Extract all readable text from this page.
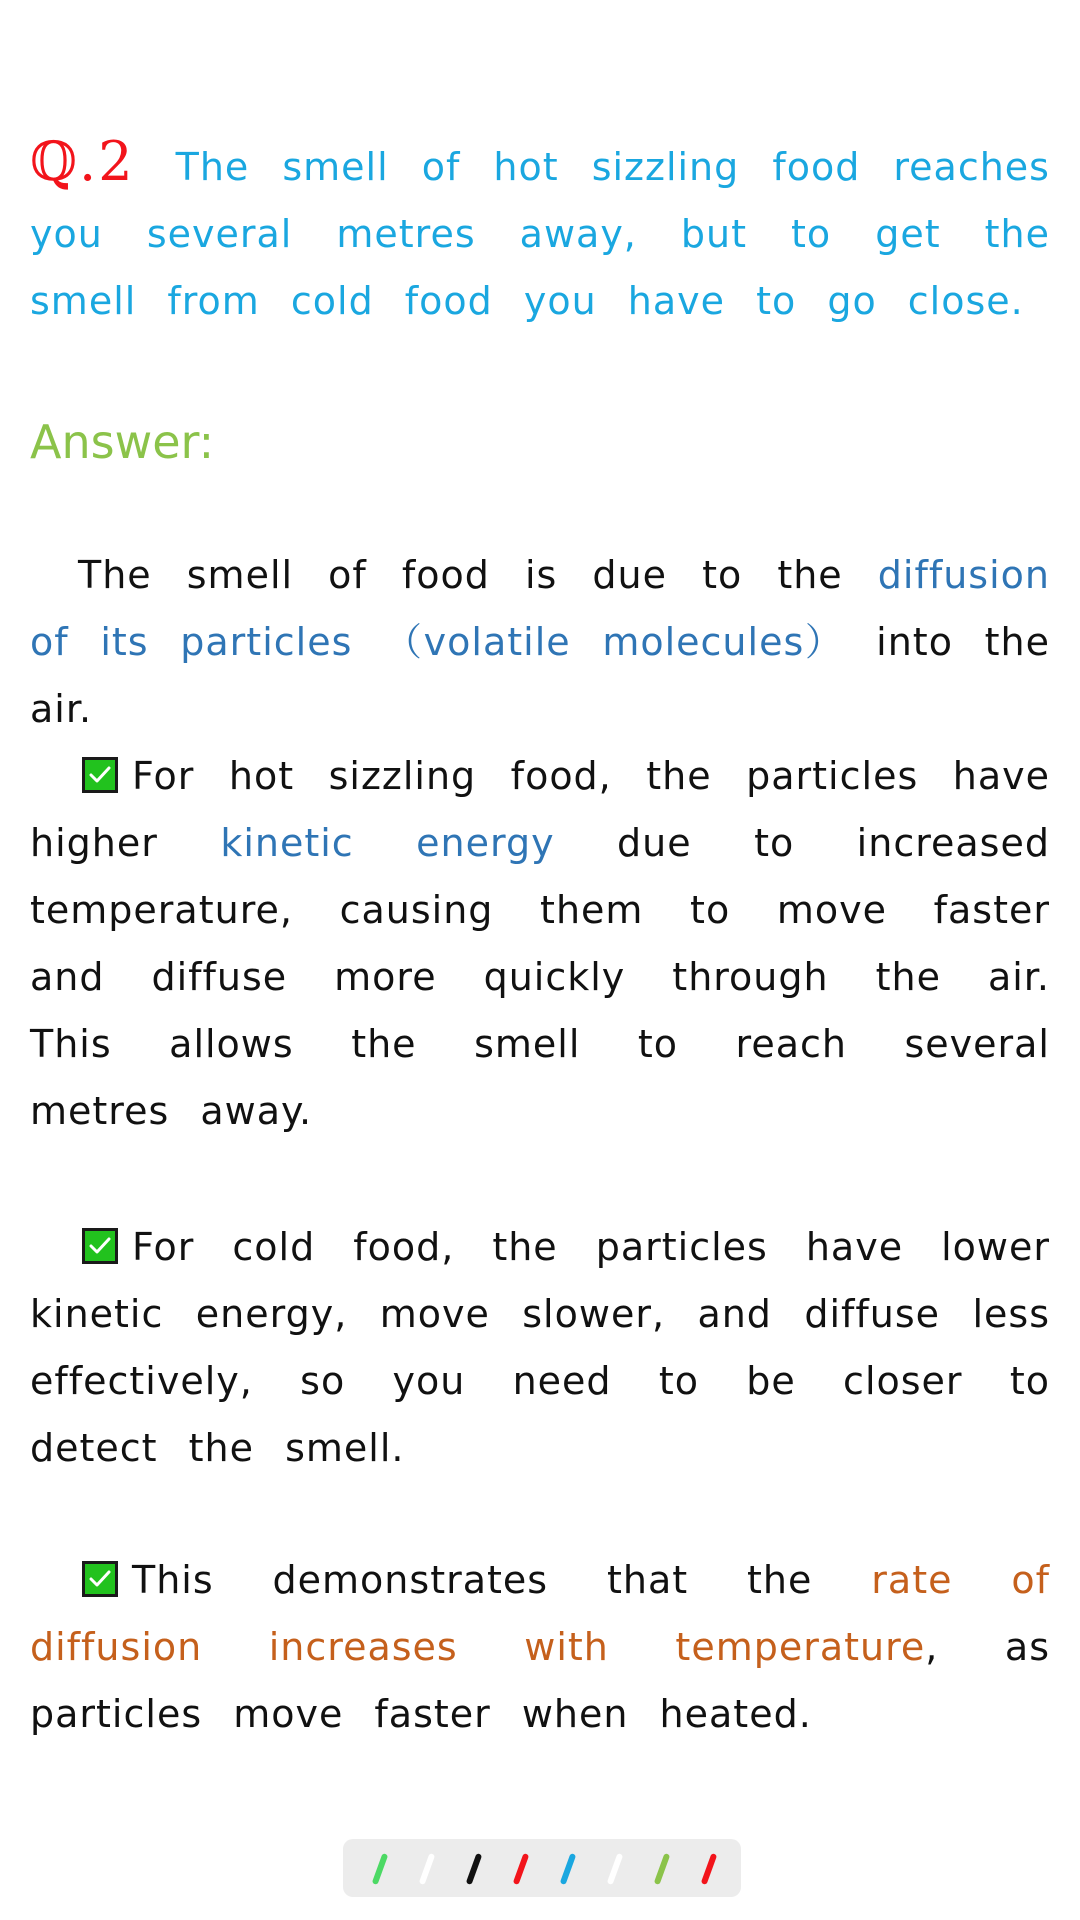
ℚ.2 The smell of hot sizzling food reaches you several metres away, but to get the smell from cold food you have to go close.
Answer:
The smell of food is due to the diffusion of its particles （volatile molecules） into the air.
For hot sizzling food, the particles have higher kinetic energy due to increased temperature, causing them to move faster and diffuse more quickly through the air. This allows the smell to reach several metres away.
For cold food, the particles have lower kinetic energy, move slower, and diffuse less effectively, so you need to be closer to detect the smell.
This demonstrates that the rate of diffusion increases with temperature, as particles move faster when heated.
